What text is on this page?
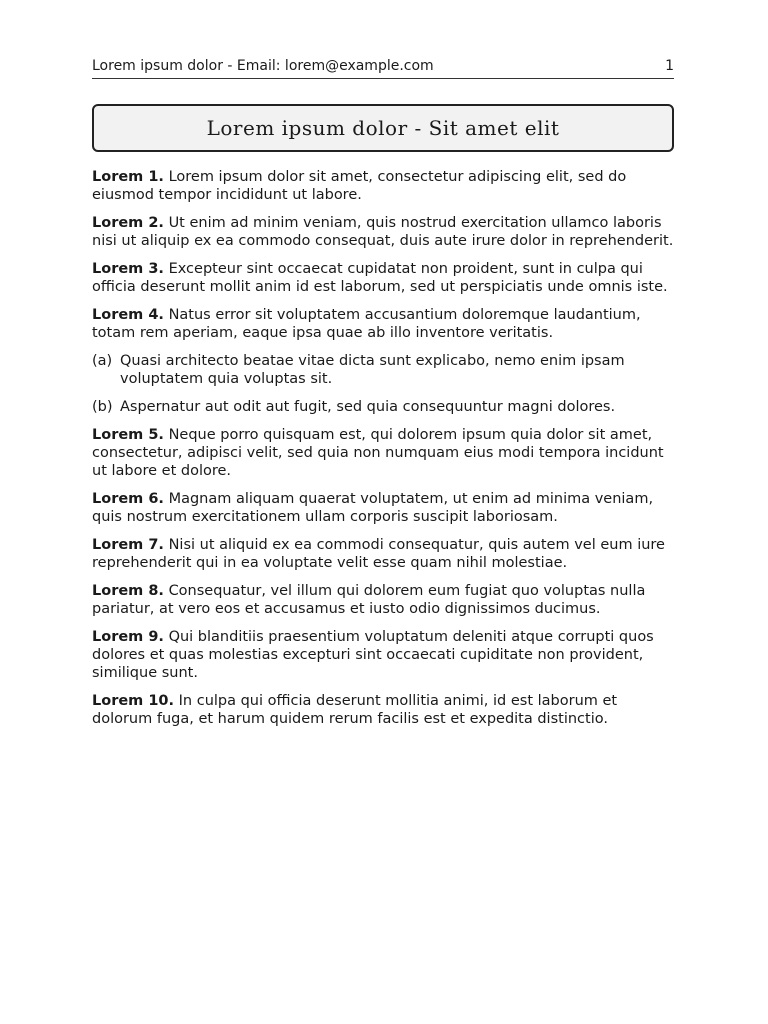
Lorem ipsum dolor - Email: lorem@example.com	1
Lorem ipsum dolor - Sit amet elit

Lorem 1. Lorem ipsum dolor sit amet, consectetur adipiscing elit, sed do eiusmod tempor incididunt ut labore.

Lorem 2. Ut enim ad minim veniam, quis nostrud exercitation ullamco laboris nisi ut aliquip ex ea commodo consequat, duis aute irure dolor in reprehenderit.

Lorem 3. Excepteur sint occaecat cupidatat non proident, sunt in culpa qui officia deserunt mollit anim id est laborum, sed ut perspiciatis unde omnis iste.

Lorem 4. Natus error sit voluptatem accusantium doloremque laudantium, totam rem aperiam, eaque ipsa quae ab illo inventore veritatis.

(a) Quasi architecto beatae vitae dicta sunt explicabo, nemo enim ipsam voluptatem quia voluptas sit.
(b) Aspernatur aut odit aut fugit, sed quia consequuntur magni dolores.

Lorem 5. Neque porro quisquam est, qui dolorem ipsum quia dolor sit amet, consectetur, adipisci velit, sed quia non numquam eius modi tempora incidunt ut labore et dolore.

Lorem 6. Magnam aliquam quaerat voluptatem, ut enim ad minima veniam, quis nostrum exercitationem ullam corporis suscipit laboriosam.

Lorem 7. Nisi ut aliquid ex ea commodi consequatur, quis autem vel eum iure reprehenderit qui in ea voluptate velit esse quam nihil molestiae.

Lorem 8. Consequatur, vel illum qui dolorem eum fugiat quo voluptas nulla pariatur, at vero eos et accusamus et iusto odio dignissimos ducimus.

Lorem 9. Qui blanditiis praesentium voluptatum deleniti atque corrupti quos dolores et quas molestias excepturi sint occaecati cupiditate non provident, similique sunt.

Lorem 10. In culpa qui officia deserunt mollitia animi, id est laborum et dolorum fuga, et harum quidem rerum facilis est et expedita distinctio.
